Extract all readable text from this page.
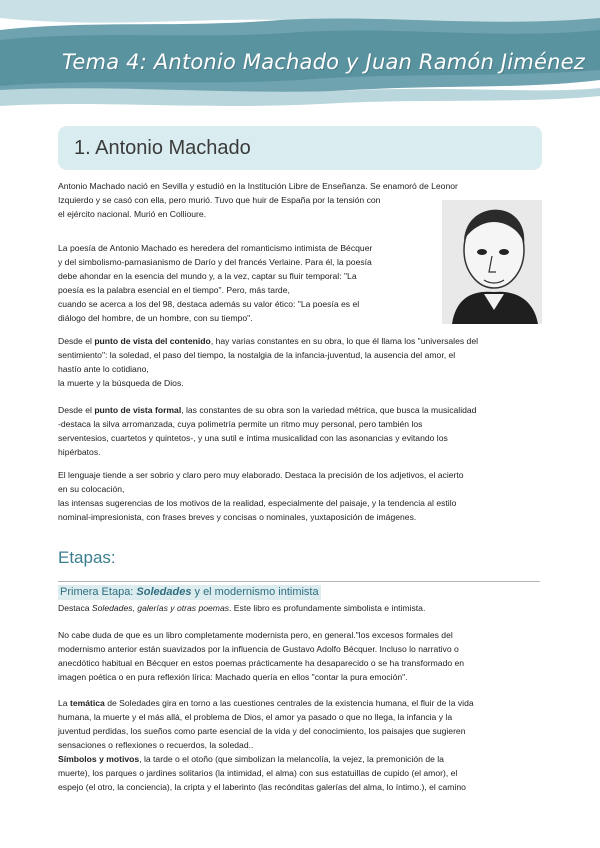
Tema 4: Antonio Machado y Juan Ramón Jiménez
1. Antonio Machado
Antonio Machado nació en Sevilla y estudió en la Institución Libre de Enseñanza. Se enamoró de Leonor
Izquierdo y se casó con ella, pero murió. Tuvo que huir de España por la tensión con
el ejército nacional. Murió en Collioure.
La poesía de Antonio Machado es heredera del romanticismo intimista de Bécquer
y del simbolismo-parnasianismo de Darío y del francés Verlaine. Para él, la poesía
debe ahondar en la esencia del mundo y, a la vez, captar su fluir temporal: "La
poesía es la palabra esencial en el tiempo". Pero, más tarde,
cuando se acerca a los del 98, destaca además su valor ético: "La poesía es el
diálogo del hombre, de un hombre, con su tiempo".
Desde el punto de vista del contenido, hay varias constantes en su obra, lo que él llama los "universales del
sentimiento": la soledad, el paso del tiempo, la nostalgia de la infancia-juventud, la ausencia del amor, el
hastío ante lo cotidiano,
la muerte y la búsqueda de Dios.
Desde el punto de vista formal, las constantes de su obra son la variedad métrica, que busca la musicalidad
-destaca la silva arromanzada, cuya polimetría permite un ritmo muy personal, pero también los
serventesios, cuartetos y quintetos-, y una sutil e íntima musicalidad con las asonancias y evitando los
hipérbatos.
El lenguaje tiende a ser sobrio y claro pero muy elaborado. Destaca la precisión de los adjetivos, el acierto
en su colocación,
las intensas sugerencias de los motivos de la realidad, especialmente del paisaje, y la tendencia al estilo
nominal-impresionista, con frases breves y concisas o nominales, yuxtaposición de imágenes.
Etapas:
Primera Etapa: Soledades y el modernismo intimista
Destaca Soledades, galerías y otras poemas. Este libro es profundamente simbolista e intimista.
No cabe duda de que es un libro completamente modernista pero, en general."los excesos formales del
modernismo anterior están suavizados por la influencia de Gustavo Adolfo Bécquer. Incluso lo narrativo o
anecdótico habitual en Bécquer en estos poemas prácticamente ha desaparecido o se ha transformado en
imagen poética o en pura reflexión lírica: Machado quería en ellos "contar la pura emoción".
La temática de Soledades gira en torno a las cuestiones centrales de la existencia humana, el fluir de la vida
humana, la muerte y el más allá, el problema de Dios, el amor ya pasado o que no llega, la infancia y la
juventud perdidas, los sueños como parte esencial de la vida y del conocimiento, los paisajes que sugieren
sensaciones o reflexiones o recuerdos, la soledad..
Símbolos y motivos, la tarde o el otoño (que simbolizan la melancolía, la vejez, la premonición de la
muerte), los parques o jardines solitarios (la intimidad, el alma) con sus estatuillas de cupido (el amor), el
espejo (el otro, la conciencia), la cripta y el laberinto (las recónditas galerías del alma, lo íntimo.), el camino
